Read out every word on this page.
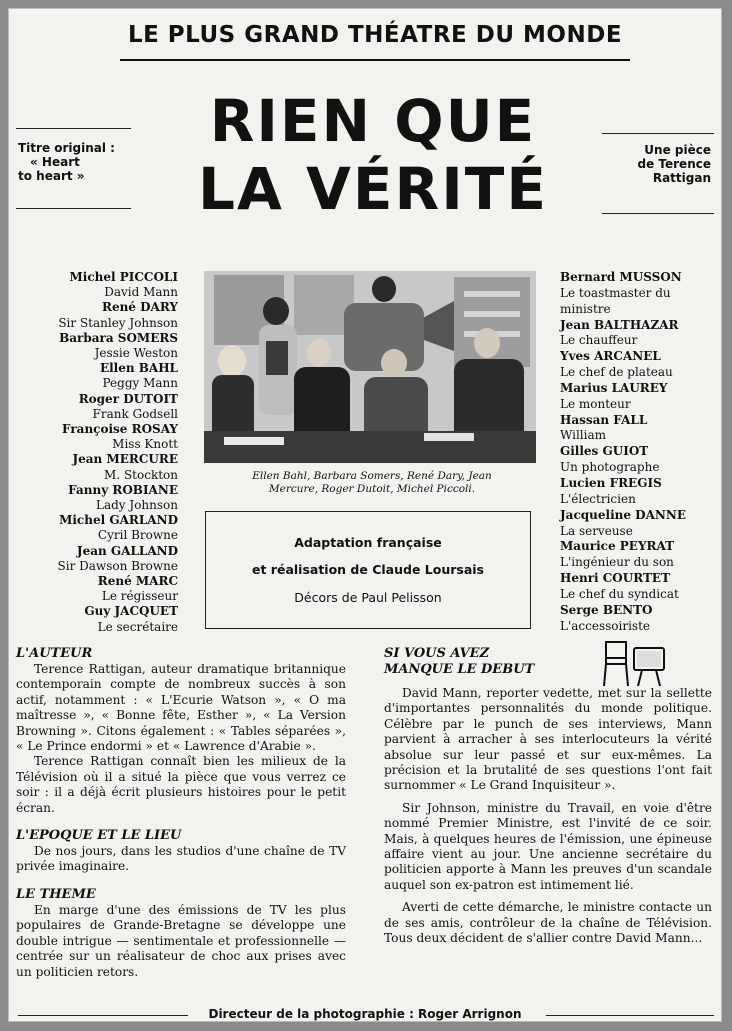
LE PLUS GRAND THÉATRE DU MONDE
RIEN QUE
LA VÉRITÉ
Titre original :
« Heart
to heart »
Une pièce
de Terence
Rattigan
Michel PICCOLI
David Mann
René DARY
Sir Stanley Johnson
Barbara SOMERS
Jessie Weston
Ellen BAHL
Peggy Mann
Roger DUTOIT
Frank Godsell
Françoise ROSAY
Miss Knott
Jean MERCURE
M. Stockton
Fanny ROBIANE
Lady Johnson
Michel GARLAND
Cyril Browne
Jean GALLAND
Sir Dawson Browne
René MARC
Le régisseur
Guy JACQUET
Le secrétaire
Bernard MUSSON
Le toastmaster du
ministre
Jean BALTHAZAR
Le chauffeur
Yves ARCANEL
Le chef de plateau
Marius LAUREY
Le monteur
Hassan FALL
William
Gilles GUIOT
Un photographe
Lucien FREGIS
L'électricien
Jacqueline DANNE
La serveuse
Maurice PEYRAT
L'ingénieur du son
Henri COURTET
Le chef du syndicat
Serge BENTO
L'accessoiriste
Ellen Bahl, Barbara Somers, René Dary, Jean
Mercure, Roger Dutoit, Michel Piccoli.
Adaptation française
et réalisation de Claude Loursais
Décors de Paul Pelisson
L'AUTEUR

Terence Rattigan, auteur dramatique britannique contemporain compte de nombreux succès à son actif, notamment : « L'Ecurie Watson », « O ma maîtresse », « Bonne fête, Esther », « La Version Browning ». Citons également : « Tables séparées », « Le Prince endormi » et « Lawrence d'Arabie ».

Terence Rattigan connaît bien les milieux de la Télévision où il a situé la pièce que vous verrez ce soir : il a déjà écrit plusieurs histoires pour le petit écran.

L'EPOQUE ET LE LIEU

De nos jours, dans les studios d'une chaîne de TV privée imaginaire.

LE THEME

En marge d'une des émissions de TV les plus populaires de Grande-Bretagne se développe une double intrigue — sentimentale et professionnelle — centrée sur un réalisateur de choc aux prises avec un politicien retors.

SI VOUS AVEZ
MANQUE LE DEBUT

David Mann, reporter vedette, met sur la sellette d'importantes personnalités du monde politique. Célèbre par le punch de ses interviews, Mann parvient à arracher à ses interlocuteurs la vérité absolue sur leur passé et sur eux-mêmes. La précision et la brutalité de ses questions l'ont fait surnommer « Le Grand Inquisiteur ».

Sir Johnson, ministre du Travail, en voie d'être nommé Premier Ministre, est l'invité de ce soir. Mais, à quelques heures de l'émission, une épineuse affaire vient au jour. Une ancienne secrétaire du politicien apporte à Mann les preuves d'un scandale auquel son ex-patron est intimement lié.

Averti de cette démarche, le ministre contacte un de ses amis, contrôleur de la chaîne de Télévision. Tous deux décident de s'allier contre David Mann...

Directeur de la photographie : Roger Arrignon
